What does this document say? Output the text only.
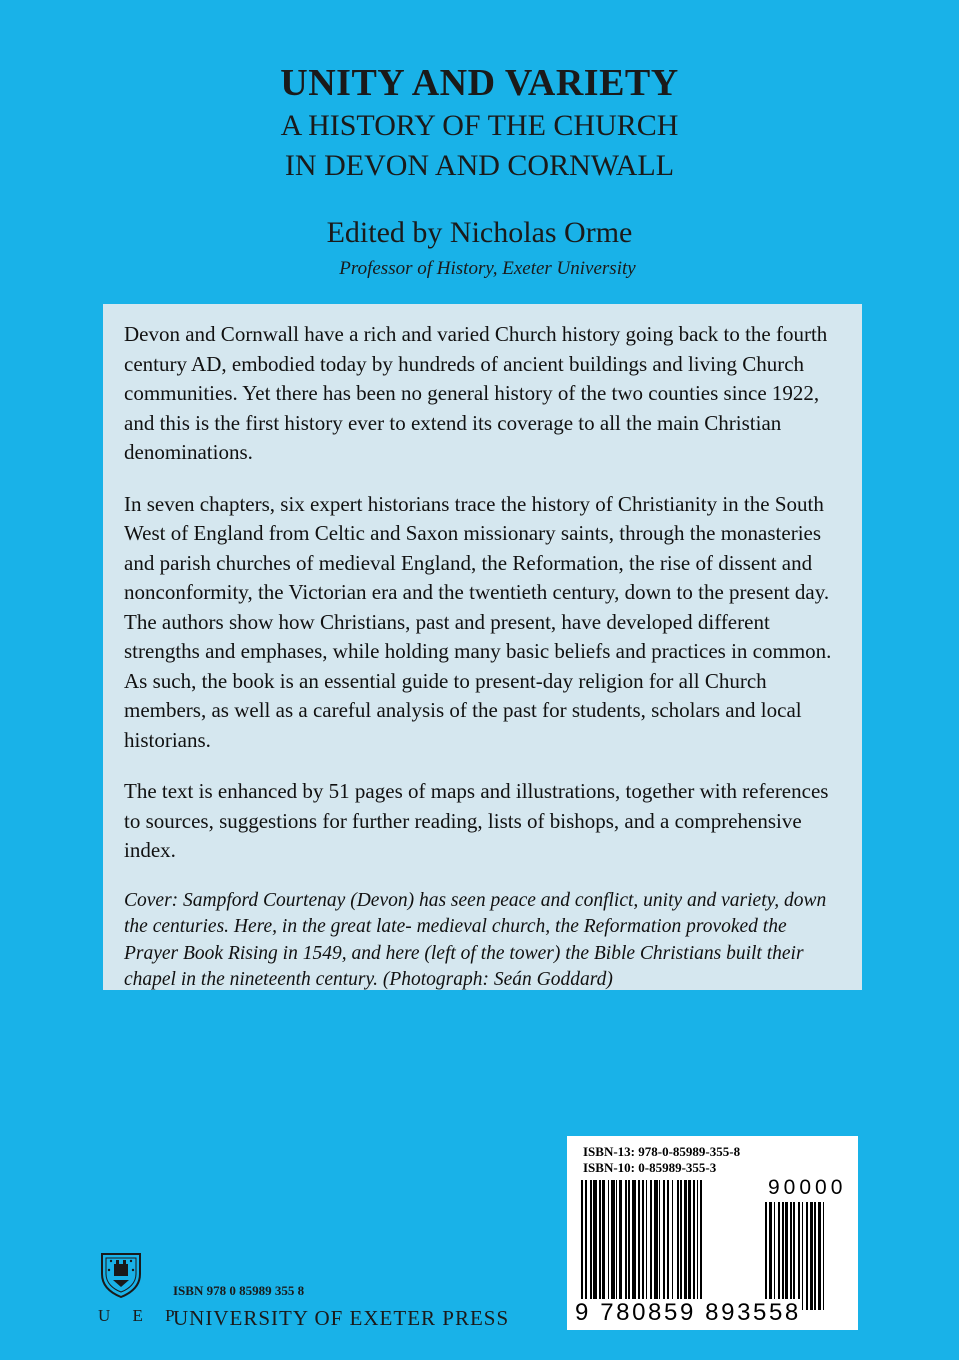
UNITY AND VARIETY
A HISTORY OF THE CHURCH
IN DEVON AND CORNWALL
Edited by Nicholas Orme
Professor of History, Exeter University

Devon and Cornwall have a rich and varied Church history going back to the fourth century AD, embodied today by hundreds of ancient buildings and living Church communities. Yet there has been no general history of the two counties since 1922, and this is the first history ever to extend its coverage to all the main Christian denominations.

In seven chapters, six expert historians trace the history of Christianity in the South West of England from Celtic and Saxon missionary saints, through the monasteries and parish churches of medieval England, the Reformation, the rise of dissent and nonconformity, the Victorian era and the twentieth century, down to the present day. The authors show how Christians, past and present, have developed different strengths and emphases, while holding many basic beliefs and practices in common. As such, the book is an essential guide to present-day religion for all Church members, as well as a careful analysis of the past for students, scholars and local historians.

The text is enhanced by 51 pages of maps and illustrations, together with references to sources, suggestions for further reading, lists of bishops, and a comprehensive index.

Cover: Sampford Courtenay (Devon) has seen peace and conflict, unity and variety, down the centuries. Here, in the great late- medieval church, the Reformation provoked the Prayer Book Rising in 1549, and here (left of the tower) the Bible Christians built their chapel in the nineteenth century. (Photograph: Seán Goddard)

ISBN-13: 978-0-85989-355-8
ISBN-10: 0-85989-355-3
90000
9 780859 893558
U E P
ISBN 978 0 85989 355 8
UNIVERSITY OF EXETER PRESS
